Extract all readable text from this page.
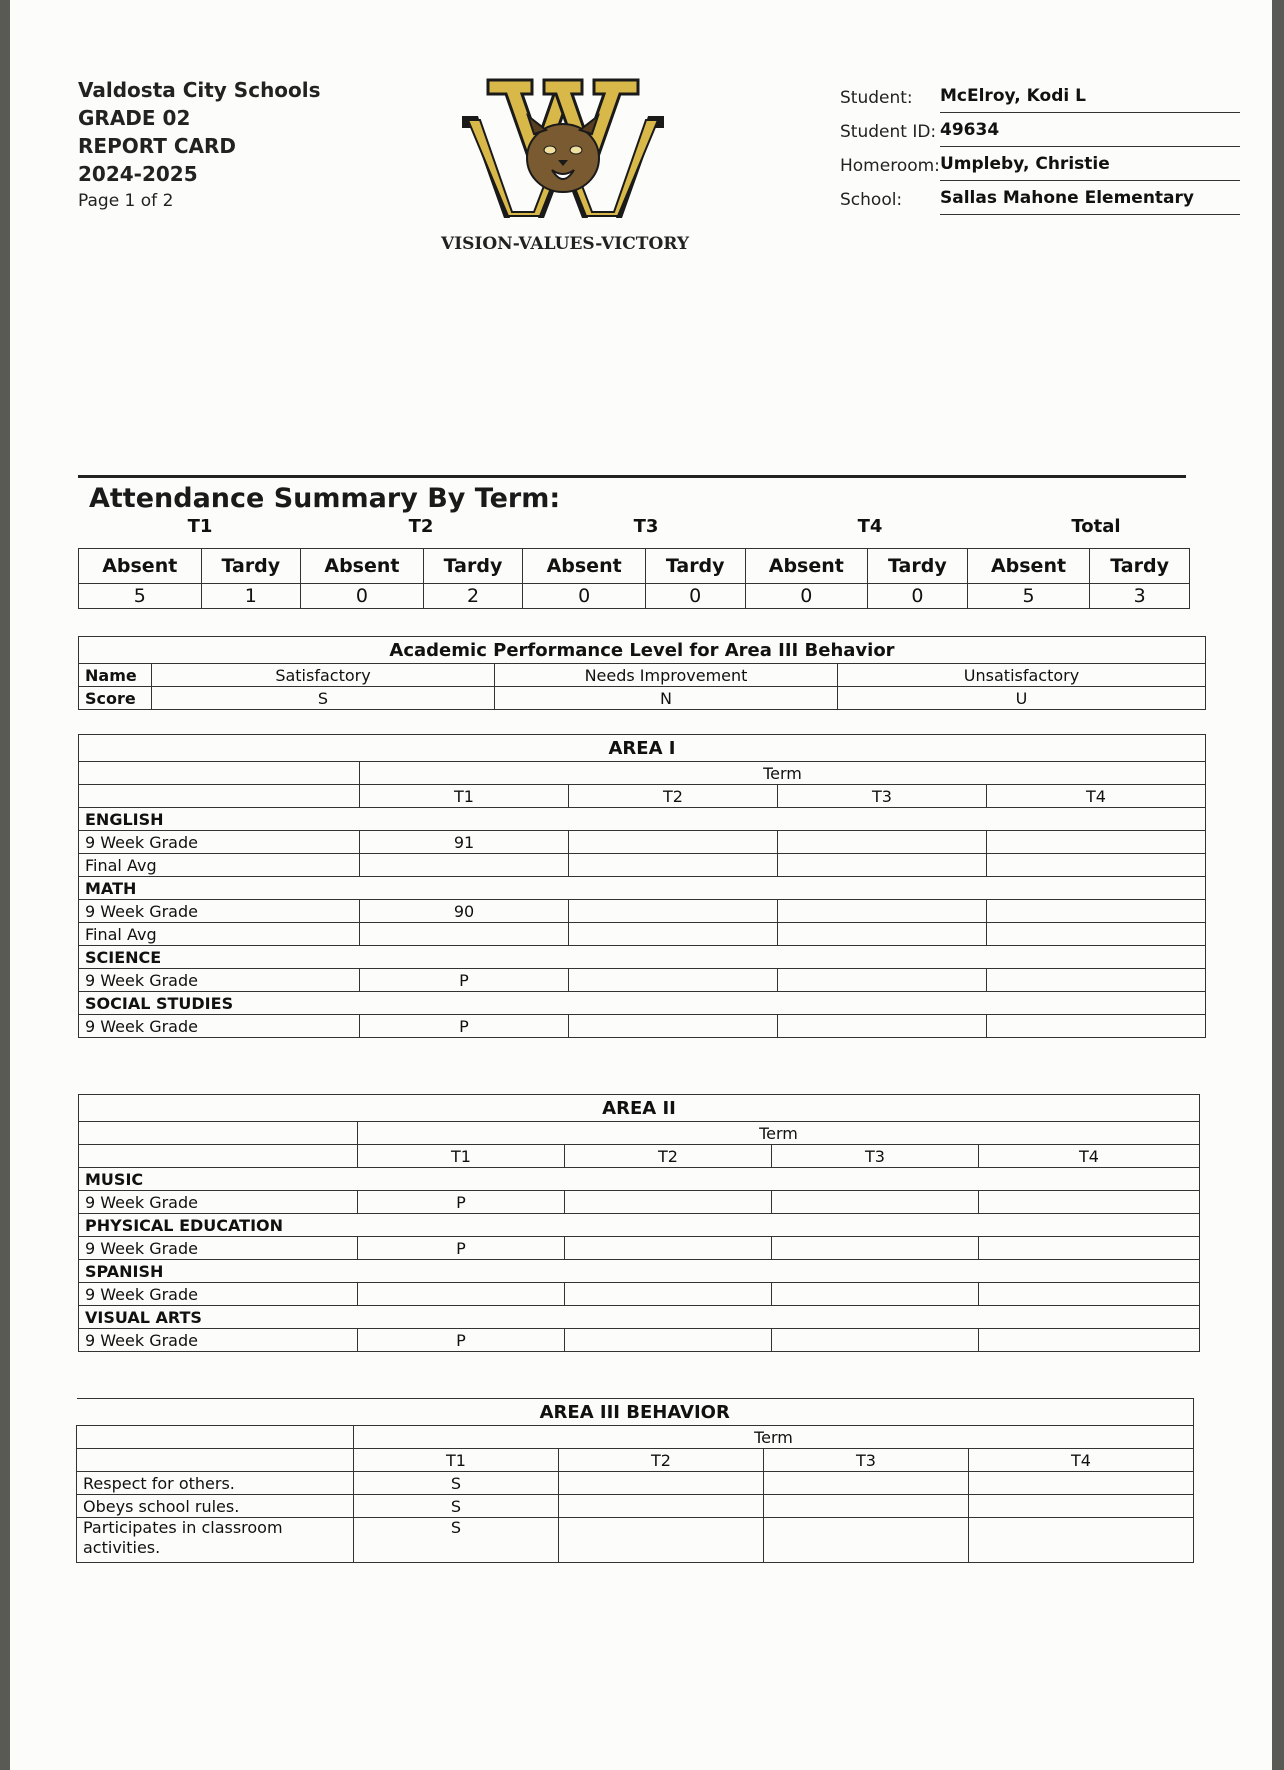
Valdosta City Schools
GRADE 02
REPORT CARD
2024-2025
Page 1 of 2
VISION-VALUES-VICTORY
Student: McElroy, Kodi L
Student ID: 49634
Homeroom: Umpleby, Christie
School: Sallas Mahone Elementary
Attendance Summary By Term:
T1	T2	T3	T4	Total
Absent	Tardy	Absent	Tardy	Absent	Tardy	Absent	Tardy	Absent	Tardy
5	1	0	2	0	0	0	0	5	3
Academic Performance Level for Area III Behavior			
Name	Satisfactory	Needs Improvement	Unsatisfactory
Score	S	N	U
AREA I				
	Term			
	T1	T2	T3	T4
ENGLISH				
9 Week Grade	91			
Final Avg				
MATH				
9 Week Grade	90			
Final Avg				
SCIENCE				
9 Week Grade	P			
SOCIAL STUDIES				
9 Week Grade	P			
AREA II				
	Term			
	T1	T2	T3	T4
MUSIC				
9 Week Grade	P			
PHYSICAL EDUCATION				
9 Week Grade	P			
SPANISH				
9 Week Grade				
VISUAL ARTS				
9 Week Grade	P			
AREA III BEHAVIOR				
	Term			
	T1	T2	T3	T4
Respect for others.	S			
Obeys school rules.	S			
Participates in classroom activities.	S			
